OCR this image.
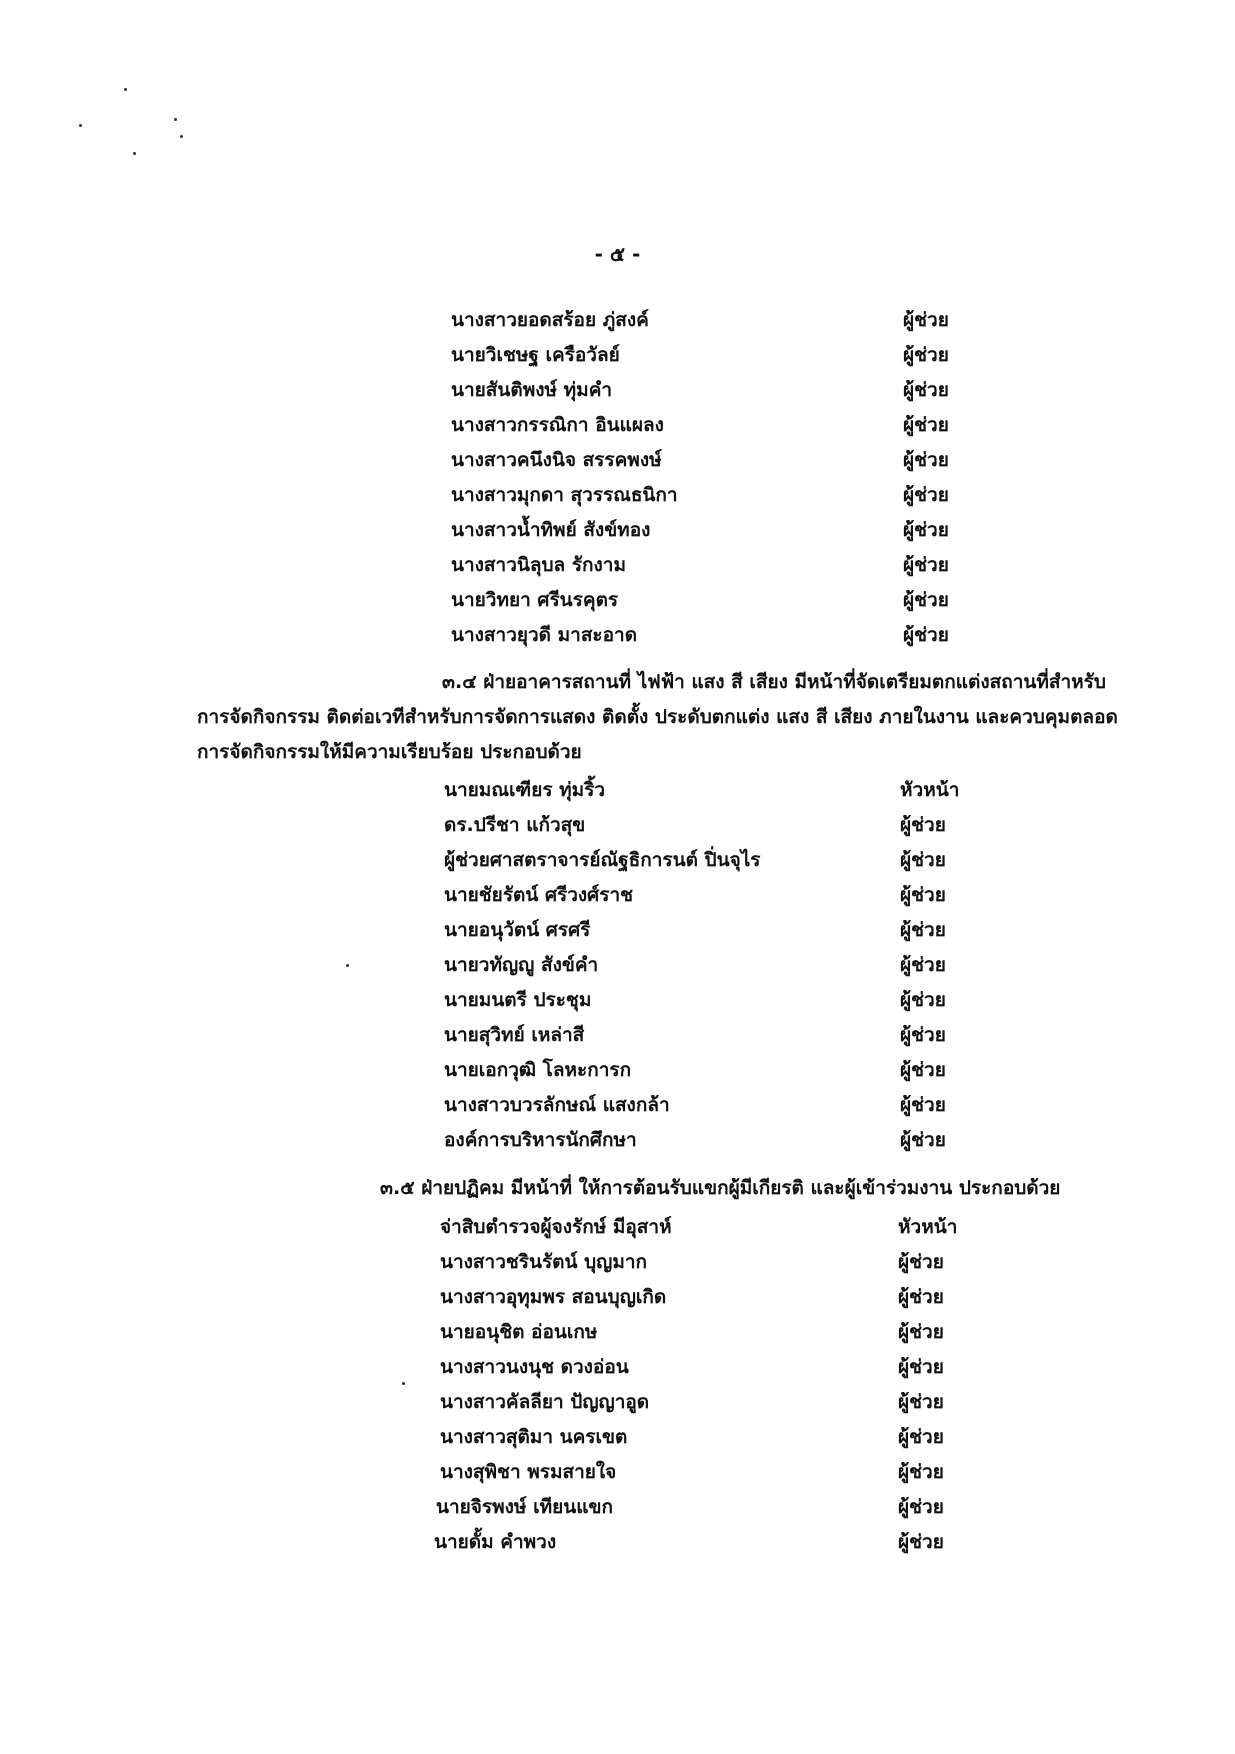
- ๕ -
นางสาวยอดสร้อย ภู่สงค์	ผู้ช่วย
นายวิเชษฐ เครือวัลย์	ผู้ช่วย
นายสันติพงษ์ ทุ่มคำ	ผู้ช่วย
นางสาวกรรณิกา อินแผลง	ผู้ช่วย
นางสาวคนึงนิจ สรรคพงษ์	ผู้ช่วย
นางสาวมุกดา สุวรรณธนิกา	ผู้ช่วย
นางสาวน้ำทิพย์ สังข์ทอง	ผู้ช่วย
นางสาวนิลุบล รักงาม	ผู้ช่วย
นายวิทยา ศรีนรคุตร	ผู้ช่วย
นางสาวยุวดี มาสะอาด	ผู้ช่วย
๓.๔ ฝ่ายอาคารสถานที่ ไฟฟ้า แสง สี เสียง มีหน้าที่จัดเตรียมตกแต่งสถานที่สำหรับ
การจัดกิจกรรม ติดต่อเวทีสำหรับการจัดการแสดง ติดตั้ง ประดับตกแต่ง แสง สี เสียง ภายในงาน และควบคุมตลอด
การจัดกิจกรรมให้มีความเรียบร้อย ประกอบด้วย
นายมณเฑียร ทุ่มริ้ว	หัวหน้า
ดร.ปรีชา แก้วสุข	ผู้ช่วย
ผู้ช่วยศาสตราจารย์ณัฐธิการนต์ ปิ่นจุไร	ผู้ช่วย
นายชัยรัตน์ ศรีวงศ์ราช	ผู้ช่วย
นายอนุวัตน์ ศรศรี	ผู้ช่วย
นายวทัญญู สังข์คำ	ผู้ช่วย
นายมนตรี ประชุม	ผู้ช่วย
นายสุวิทย์ เหล่าสี	ผู้ช่วย
นายเอกวุฒิ โลหะการก	ผู้ช่วย
นางสาวบวรลักษณ์ แสงกล้า	ผู้ช่วย
องค์การบริหารนักศึกษา	ผู้ช่วย
๓.๕ ฝ่ายปฏิคม มีหน้าที่ ให้การต้อนรับแขกผู้มีเกียรติ และผู้เข้าร่วมงาน ประกอบด้วย
จ่าสิบตำรวจผู้จงรักษ์ มีอุสาห์	หัวหน้า
นางสาวชรินรัตน์ บุญมาก	ผู้ช่วย
นางสาวอุทุมพร สอนบุญเกิด	ผู้ช่วย
นายอนุชิต อ่อนเกษ	ผู้ช่วย
นางสาวนงนุช ดวงอ่อน	ผู้ช่วย
นางสาวคัลลียา ปัญญาอูด	ผู้ช่วย
นางสาวสุติมา นครเขต	ผู้ช่วย
นางสุพิชา พรมสายใจ	ผู้ช่วย
นายจิรพงษ์ เทียนแขก	ผู้ช่วย
นายดั้ม คำพวง	ผู้ช่วย
